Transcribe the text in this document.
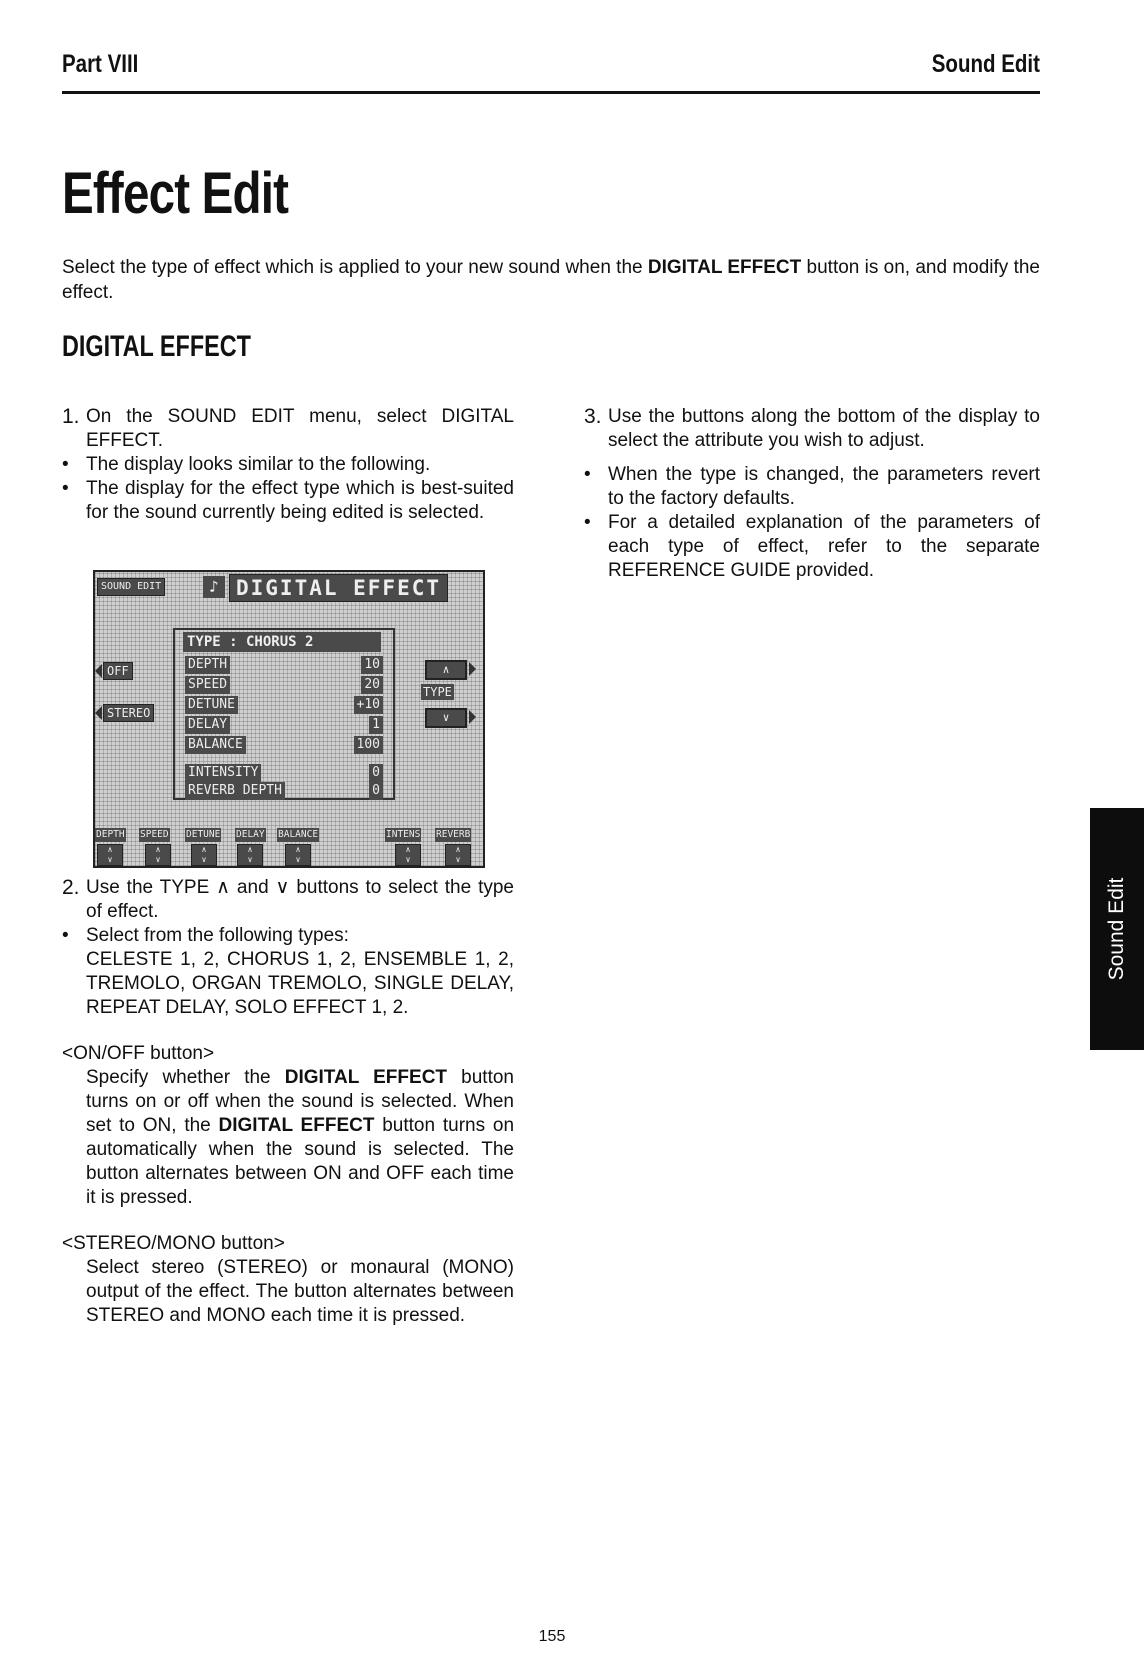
Part VIII	Sound Edit
Effect Edit

Select the type of effect which is applied to your new sound when the DIGITAL EFFECT button is on, and modify the effect.

DIGITAL EFFECT
1. On the SOUND EDIT menu, select DIGITAL EFFECT.
• The display looks similar to the following.
• The display for the effect type which is best-suited for the sound currently being edited is selected.
2. Use the TYPE ∧ and ∨ buttons to select the type of effect.
• Select from the following types:
CELESTE 1, 2, CHORUS 1, 2, ENSEMBLE 1, 2, TREMOLO, ORGAN TREMOLO, SINGLE DELAY, REPEAT DELAY, SOLO EFFECT 1, 2.
<ON/OFF button>
Specify whether the DIGITAL EFFECT button turns on or off when the sound is selected. When set to ON, the DIGITAL EFFECT button turns on automatically when the sound is selected. The button alternates between ON and OFF each time it is pressed.
<STEREO/MONO button>
Select stereo (STEREO) or monaural (MONO) output of the effect. The button alternates between STEREO and MONO each time it is pressed.
SOUND EDIT	♪ DIGITAL EFFECT
TYPE : CHORUS 2
DEPTH	10
SPEED	20
DETUNE	+10
DELAY	1
BALANCE	100
INTENSITY	0
REVERB DEPTH	0
OFF
STEREO
∧
TYPE
∨
DEPTH SPEED DETUNE DELAY BALANCE	INTENS REVERB
∧
∨
∧
∨
∧
∨
∧
∨
∧
∨
∧
∨
∧
∨
3. Use the buttons along the bottom of the display to select the attribute you wish to adjust.
• When the type is changed, the parameters revert to the factory defaults.
• For a detailed explanation of the parameters of each type of effect, refer to the separate REFERENCE GUIDE provided.
Sound Edit
155
